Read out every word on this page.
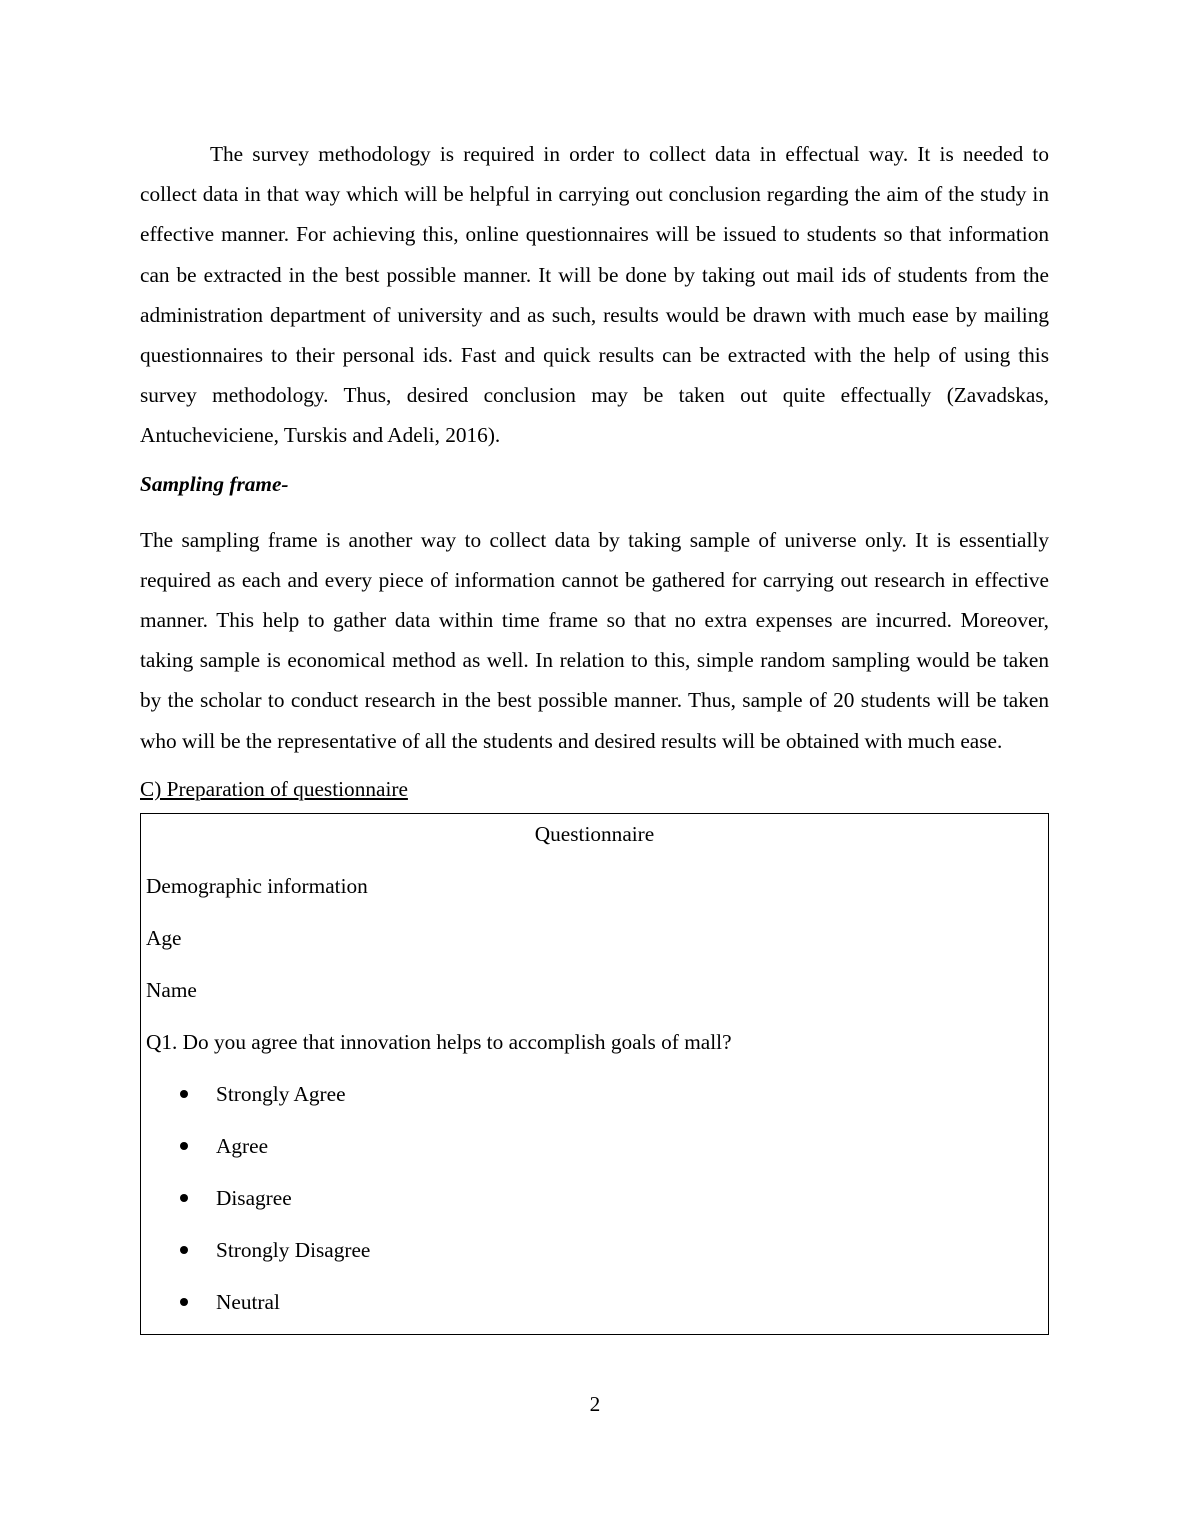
The survey methodology is required in order to collect data in effectual way. It is needed to collect data in that way which will be helpful in carrying out conclusion regarding the aim of the study in effective manner. For achieving this, online questionnaires will be issued to students so that information can be extracted in the best possible manner. It will be done by taking out mail ids of students from the administration department of university and as such, results would be drawn with much ease by mailing questionnaires to their personal ids. Fast and quick results can be extracted with the help of using this survey methodology. Thus, desired conclusion may be taken out quite effectually (Zavadskas, Antucheviciene, Turskis and Adeli, 2016).

Sampling frame-

The sampling frame is another way to collect data by taking sample of universe only. It is essentially required as each and every piece of information cannot be gathered for carrying out research in effective manner. This help to gather data within time frame so that no extra expenses are incurred. Moreover, taking sample is economical method as well. In relation to this, simple random sampling would be taken by the scholar to conduct research in the best possible manner. Thus, sample of 20 students will be taken who will be the representative of all the students and desired results will be obtained with much ease.

C) Preparation of questionnaire

Questionnaire

Demographic information

Age

Name

Q1. Do you agree that innovation helps to accomplish goals of mall?

Strongly Agree
Agree
Disagree
Strongly Disagree
Neutral
2
